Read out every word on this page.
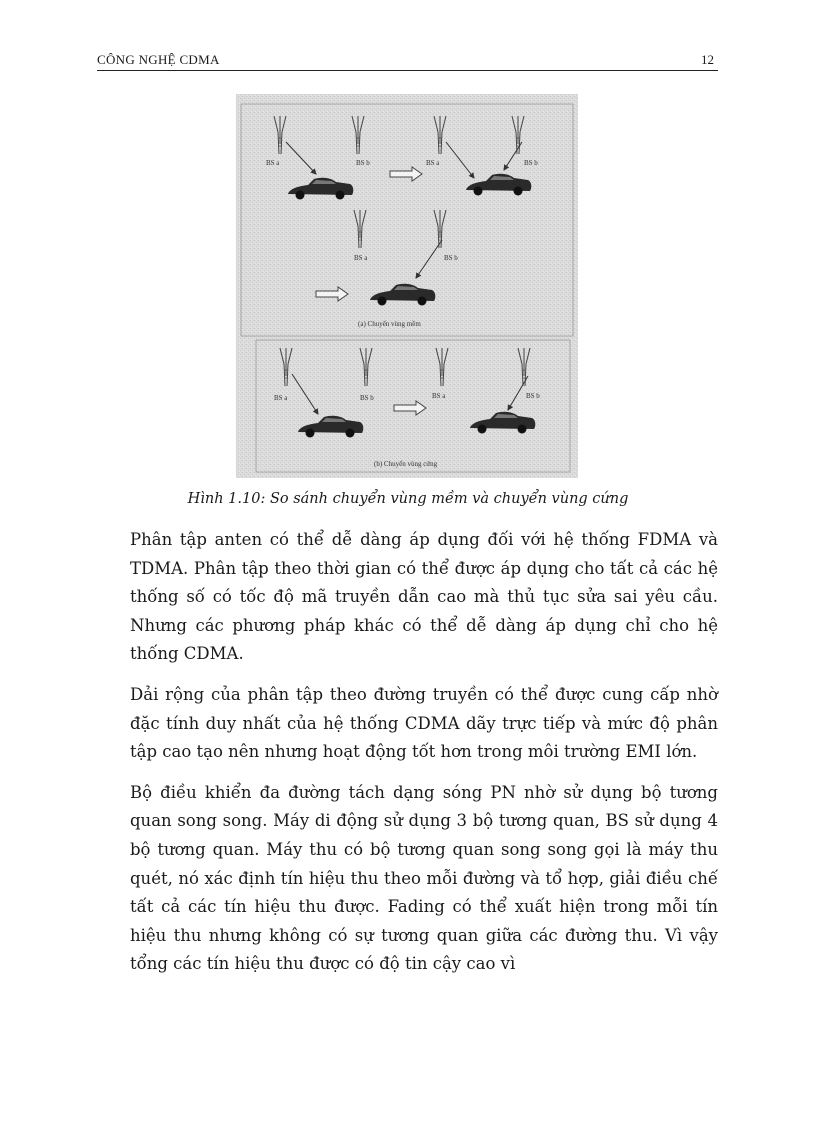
CÔNG NGHỆ CDMA	12
BS a	BS b	BS a	BS b
BS a	BS b
(a) Chuyển vùng mềm
BS a	BS b	BS a	BS b
(b) Chuyển vùng cứng
Hình 1.10: So sánh chuyển vùng mềm và chuyển vùng cứng

Phân tập anten có thể dễ dàng áp dụng đối với hệ thống FDMA và TDMA. Phân tập theo thời gian có thể được áp dụng cho tất cả các hệ thống số có tốc độ mã truyền dẫn cao mà thủ tục sửa sai yêu cầu. Nhưng các phương pháp khác có thể dễ dàng áp dụng chỉ cho hệ thống CDMA.

Dải rộng của phân tập theo đường truyền có thể được cung cấp nhờ đặc tính duy nhất của hệ thống CDMA dãy trực tiếp và mức độ phân tập cao tạo nên nhưng hoạt động tốt hơn trong môi trường EMI lớn.

Bộ điều khiển đa đường tách dạng sóng PN nhờ sử dụng bộ tương quan song song. Máy di động sử dụng 3 bộ tương quan, BS sử dụng 4 bộ tương quan. Máy thu có bộ tương quan song song gọi là máy thu quét, nó xác định tín hiệu thu theo mỗi đường và tổ hợp, giải điều chế tất cả các tín hiệu thu được. Fading có thể xuất hiện trong mỗi tín hiệu thu nhưng không có sự tương quan giữa các đường thu. Vì vậy tổng các tín hiệu thu được có độ tin cậy cao vì
